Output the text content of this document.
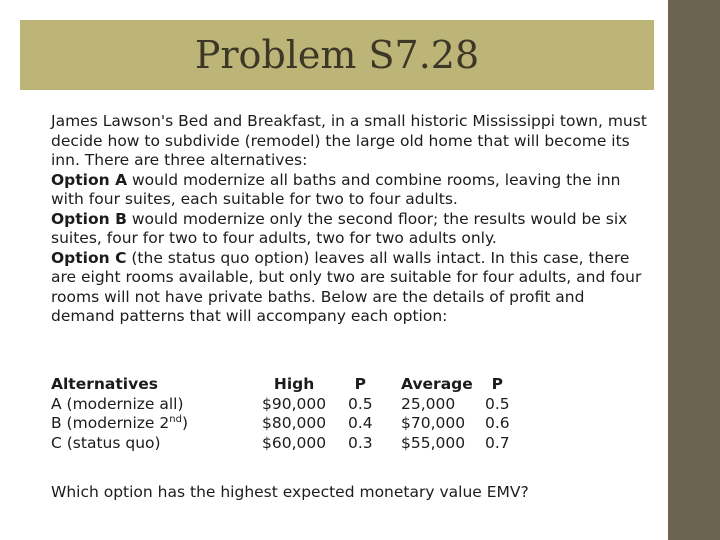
Problem S7.28

James Lawson's Bed and Breakfast, in a small historic Mississippi town, must decide how to subdivide (remodel) the large old home that will become its inn. There are three alternatives:

Option A would modernize all baths and combine rooms, leaving the inn with four suites, each suitable for two to four adults.

Option B would modernize only the second floor; the results would be six suites, four for two to four adults, two for two adults only.

Option C (the status quo option) leaves all walls intact. In this case, there are eight rooms available, but only two are suitable for four adults, and four rooms will not have private baths. Below are the details of profit and demand patterns that will accompany each option:

Alternatives
A (modernize all)
B (modernize 2nd)
C (status quo)
High
$90,000
$80,000
$60,000
P
0.5
0.4
0.3
Average
25,000
$70,000
$55,000
P
0.5
0.6
0.7
Which option has the highest expected monetary value EMV?
